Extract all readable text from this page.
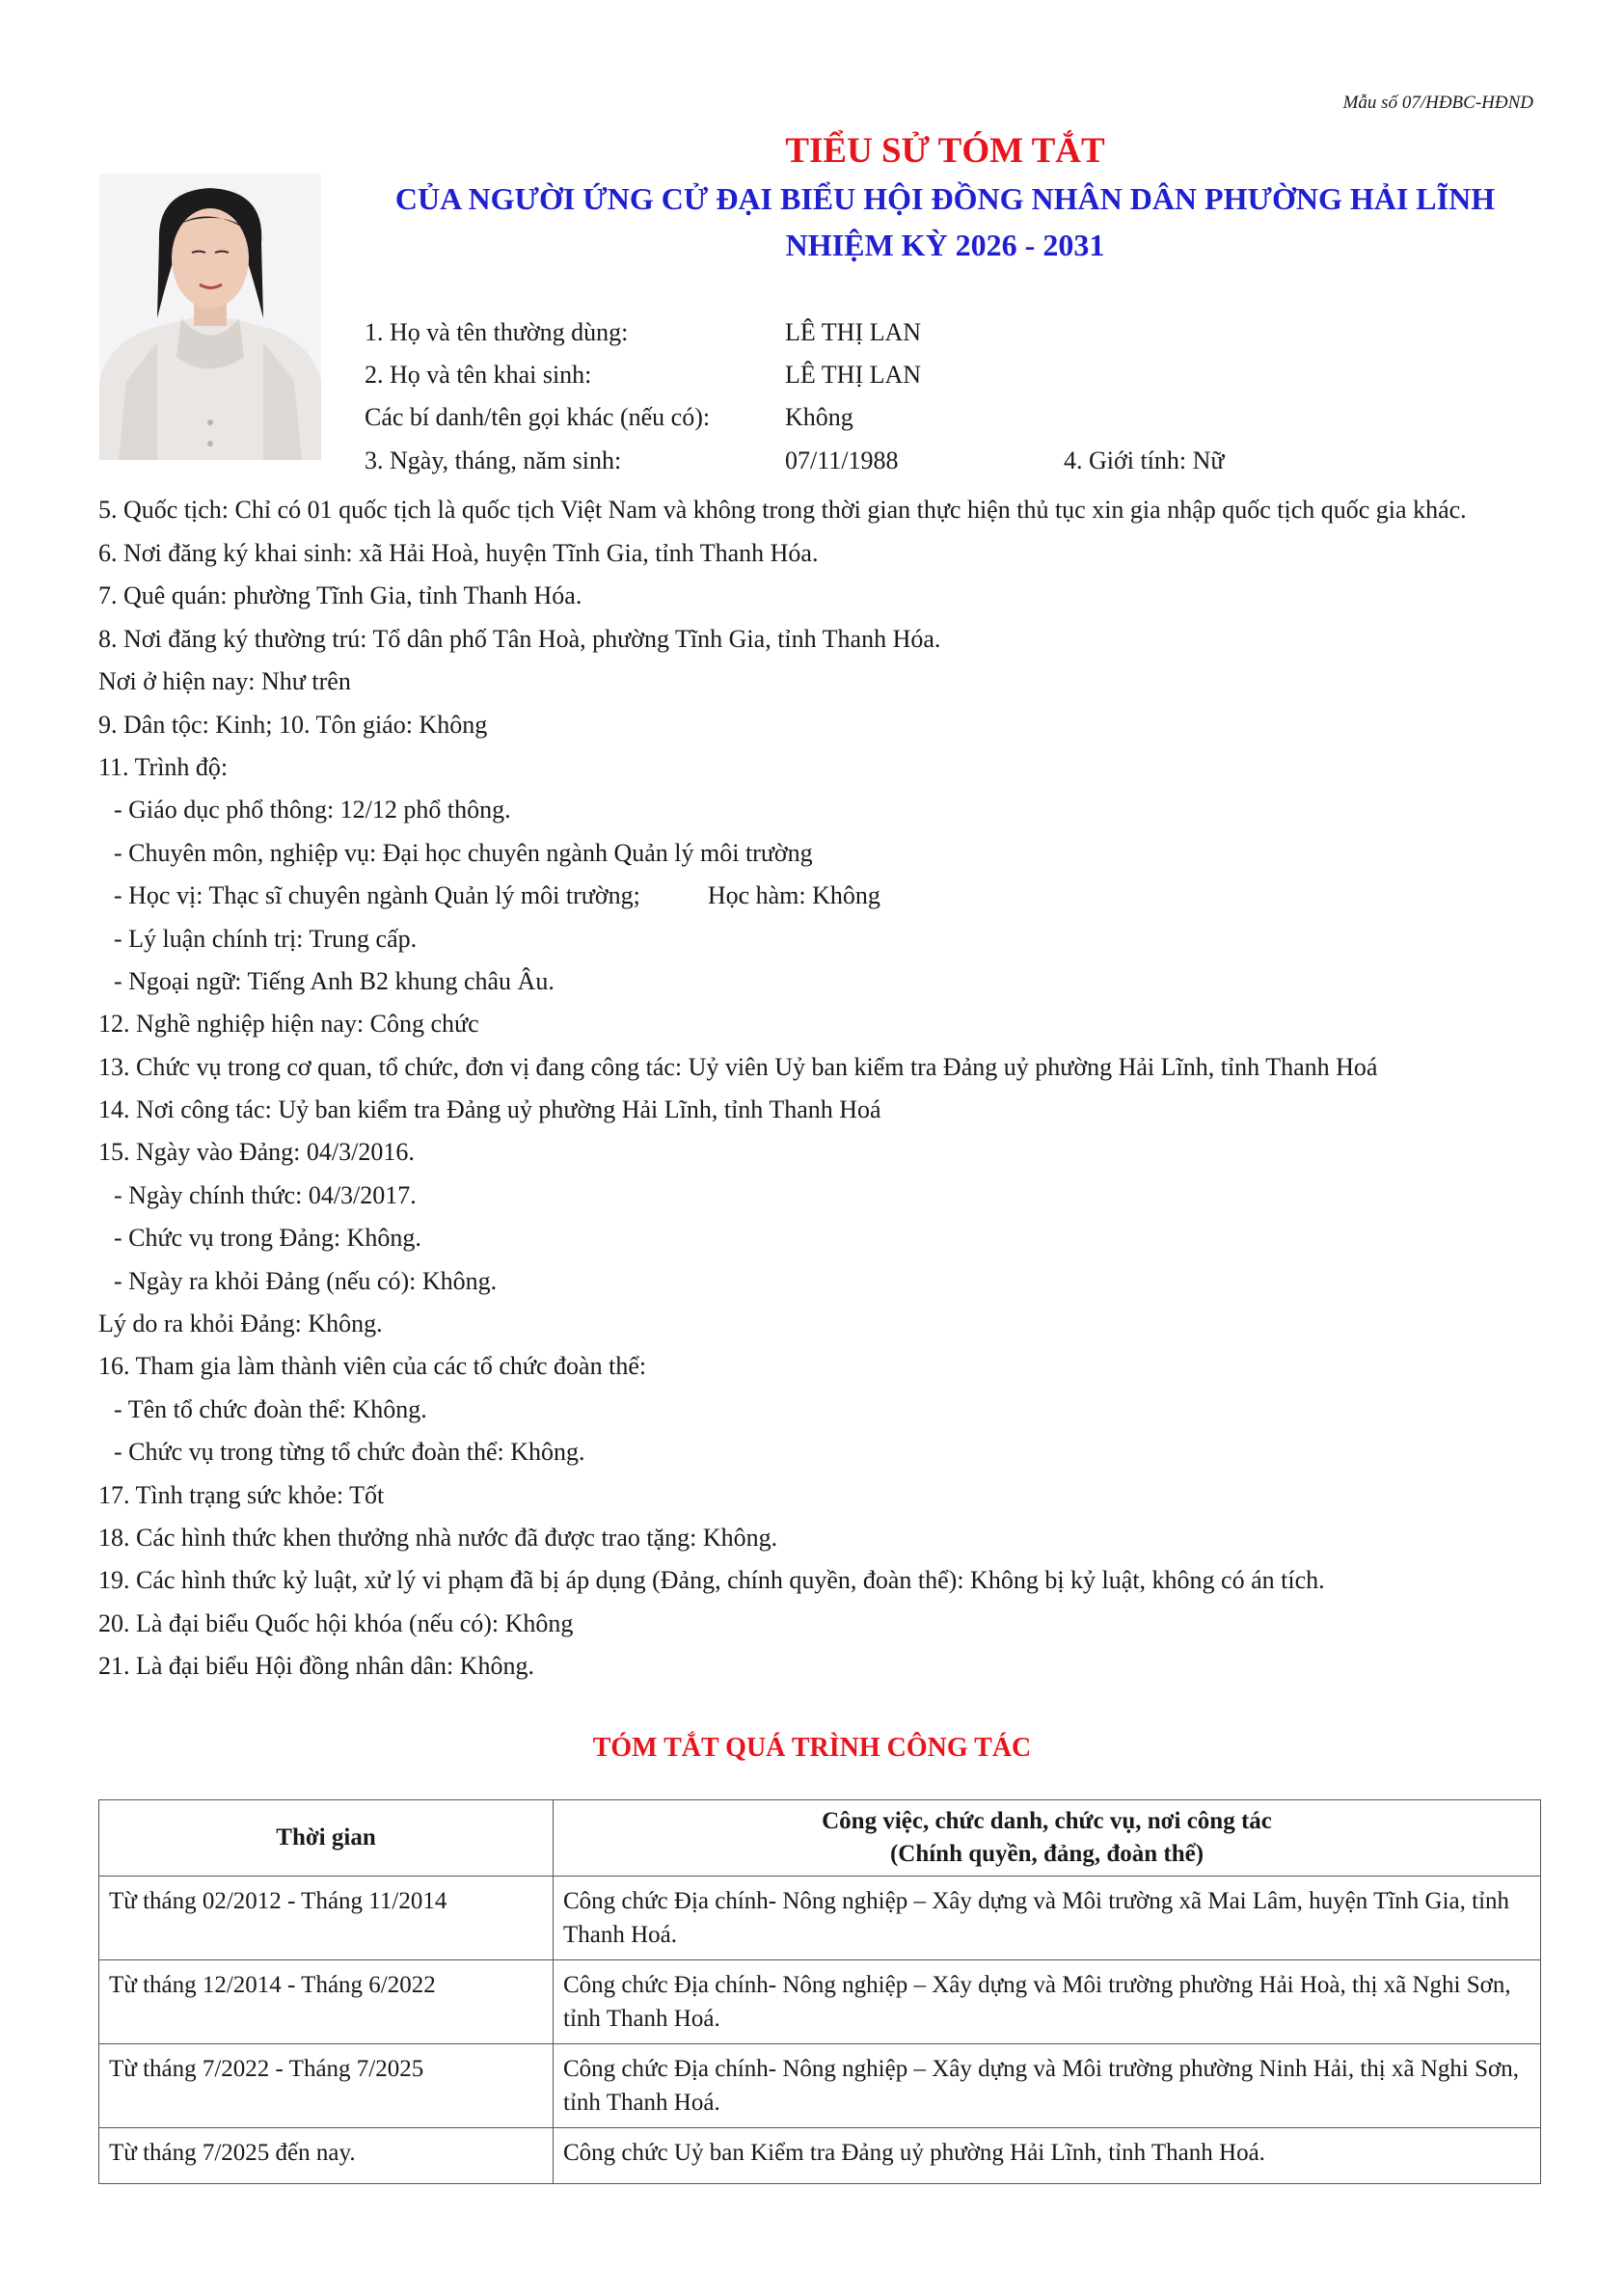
Mẫu số 07/HĐBC-HĐND
TIỂU SỬ TÓM TẮT
CỦA NGƯỜI ỨNG CỬ ĐẠI BIỂU HỘI ĐỒNG NHÂN DÂN PHƯỜNG HẢI LĨNH
NHIỆM KỲ 2026 - 2031
1. Họ và tên thường dùng:	LÊ THỊ LAN
2. Họ và tên khai sinh:	LÊ THỊ LAN
Các bí danh/tên gọi khác (nếu có):	Không
3. Ngày, tháng, năm sinh:	07/11/1988	4. Giới tính: Nữ
5. Quốc tịch: Chỉ có 01 quốc tịch là quốc tịch Việt Nam và không trong thời gian thực hiện thủ tục xin gia nhập quốc tịch quốc gia khác.
6. Nơi đăng ký khai sinh: xã Hải Hoà, huyện Tĩnh Gia, tỉnh Thanh Hóa.
7. Quê quán: phường Tĩnh Gia, tỉnh Thanh Hóa.
8. Nơi đăng ký thường trú: Tổ dân phố Tân Hoà, phường Tĩnh Gia, tỉnh Thanh Hóa.
Nơi ở hiện nay: Như trên
9. Dân tộc: Kinh; 10. Tôn giáo: Không
11. Trình độ:
- Giáo dục phổ thông: 12/12 phổ thông.
- Chuyên môn, nghiệp vụ: Đại học chuyên ngành Quản lý môi trường
- Học vị: Thạc sĩ chuyên ngành Quản lý môi trường;	Học hàm: Không
- Lý luận chính trị: Trung cấp.
- Ngoại ngữ: Tiếng Anh B2 khung châu Âu.
12. Nghề nghiệp hiện nay: Công chức
13. Chức vụ trong cơ quan, tổ chức, đơn vị đang công tác: Uỷ viên Uỷ ban kiểm tra Đảng uỷ phường Hải Lĩnh, tỉnh Thanh Hoá
14. Nơi công tác: Uỷ ban kiểm tra Đảng uỷ phường Hải Lĩnh, tỉnh Thanh Hoá
15. Ngày vào Đảng: 04/3/2016.
- Ngày chính thức: 04/3/2017.
- Chức vụ trong Đảng: Không.
- Ngày ra khỏi Đảng (nếu có): Không.
Lý do ra khỏi Đảng: Không.
16. Tham gia làm thành viên của các tổ chức đoàn thể:
- Tên tổ chức đoàn thể: Không.
- Chức vụ trong từng tổ chức đoàn thể: Không.
17. Tình trạng sức khỏe: Tốt
18. Các hình thức khen thưởng nhà nước đã được trao tặng: Không.
19. Các hình thức kỷ luật, xử lý vi phạm đã bị áp dụng (Đảng, chính quyền, đoàn thể): Không bị kỷ luật, không có án tích.
20. Là đại biểu Quốc hội khóa (nếu có): Không
21. Là đại biểu Hội đồng nhân dân: Không.
TÓM TẮT QUÁ TRÌNH CÔNG TÁC
Thời gian	Công việc, chức danh, chức vụ, nơi công tác
(Chính quyền, đảng, đoàn thể)

Từ tháng 02/2012 - Tháng 11/2014	Công chức Địa chính- Nông nghiệp – Xây dựng và Môi trường xã Mai Lâm, huyện Tĩnh Gia, tỉnh Thanh Hoá.
Từ tháng 12/2014 - Tháng 6/2022	Công chức Địa chính- Nông nghiệp – Xây dựng và Môi trường phường Hải Hoà, thị xã Nghi Sơn, tỉnh Thanh Hoá.
Từ tháng 7/2022 - Tháng 7/2025	Công chức Địa chính- Nông nghiệp – Xây dựng và Môi trường phường Ninh Hải, thị xã Nghi Sơn, tỉnh Thanh Hoá.
Từ tháng 7/2025 đến nay.	Công chức Uỷ ban Kiểm tra Đảng uỷ phường Hải Lĩnh, tỉnh Thanh Hoá.
